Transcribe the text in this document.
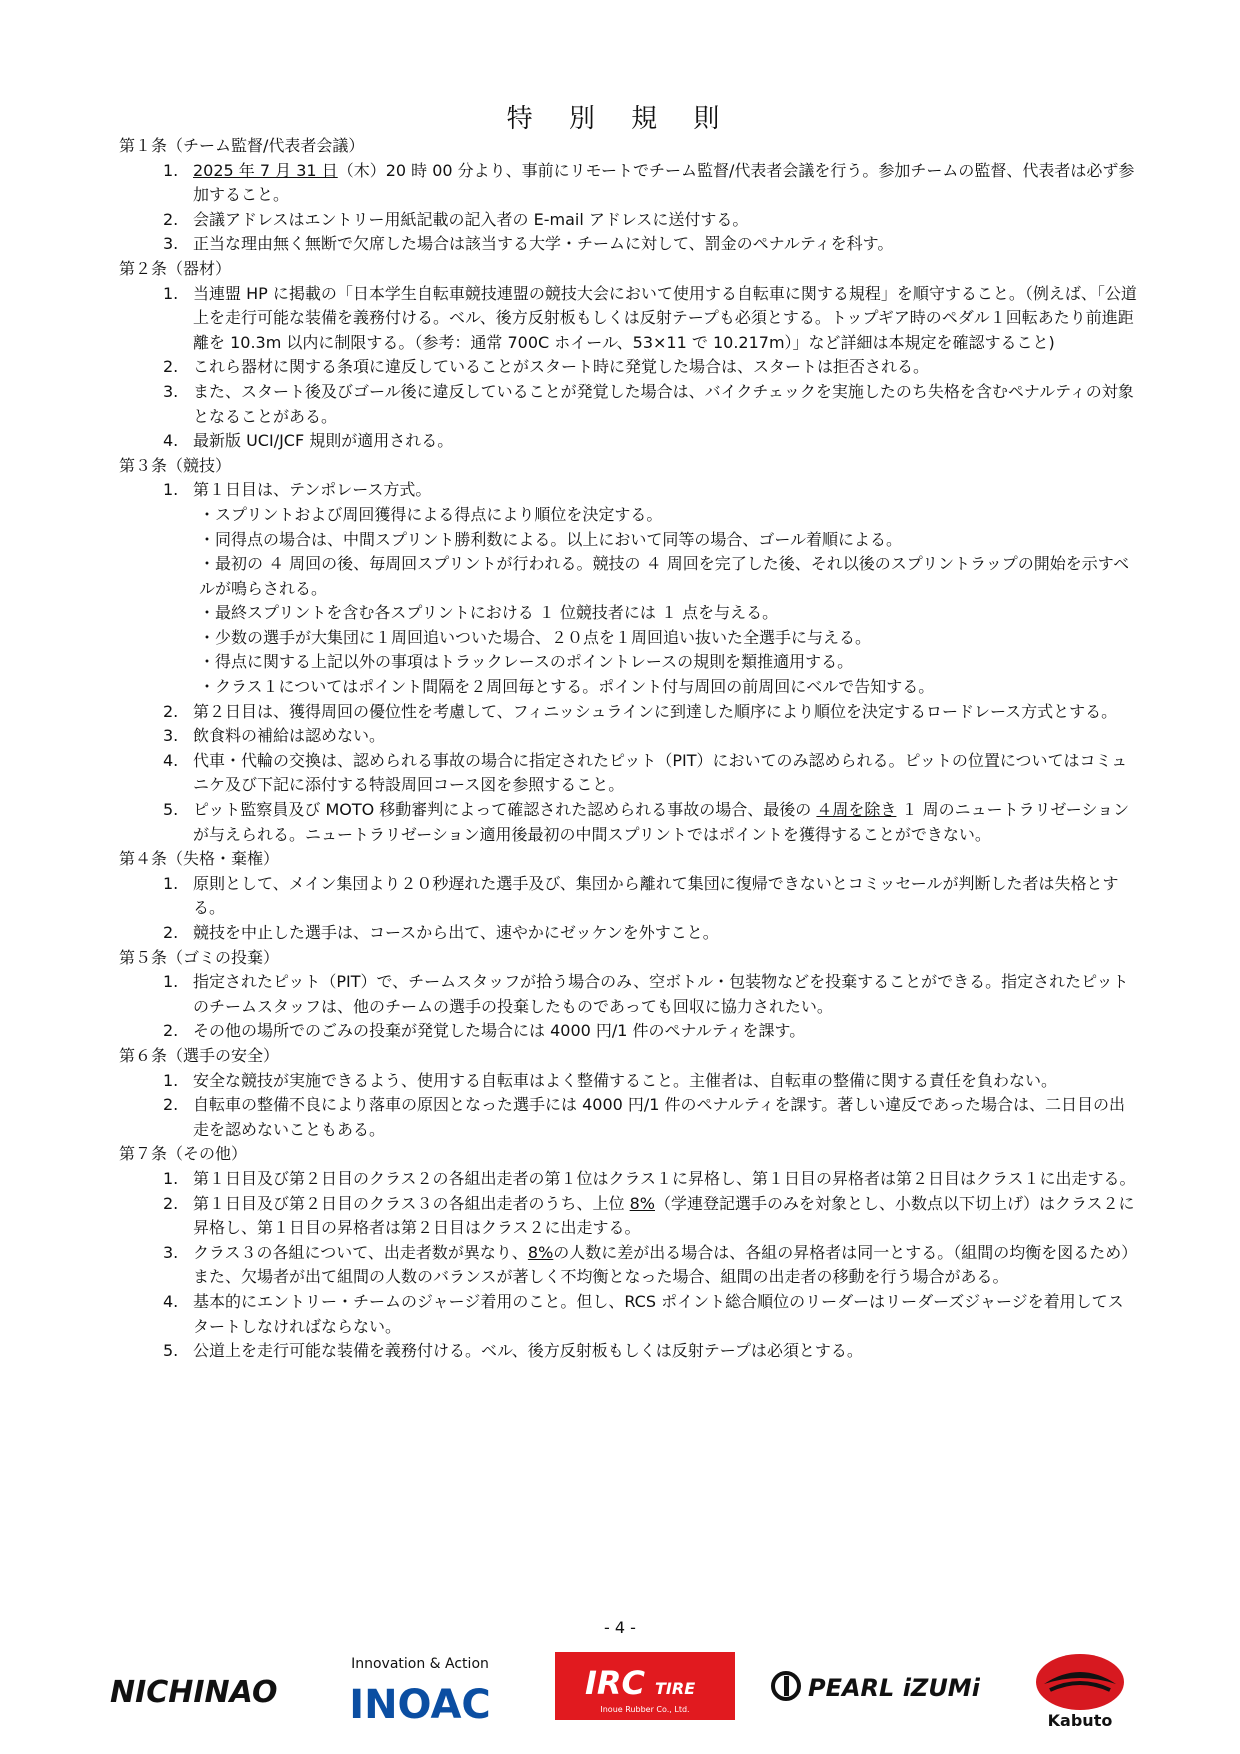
特 別 規 則
第１条（チーム監督/代表者会議）
1. 2025 年 7 月 31 日（木）20 時 00 分より、事前にリモートでチーム監督/代表者会議を行う。参加チームの監督、代表者は必ず参加すること。
2. 会議アドレスはエントリー用紙記載の記入者の E-mail アドレスに送付する。
3. 正当な理由無く無断で欠席した場合は該当する大学・チームに対して、罰金のペナルティを科す。
第２条（器材）
1. 当連盟 HP に掲載の「日本学生自転車競技連盟の競技大会において使用する自転車に関する規程」を順守すること。（例えば、「公道上を走行可能な装備を義務付ける。ベル、後方反射板もしくは反射テープも必須とする。トップギア時のペダル１回転あたり前進距離を 10.3m 以内に制限する。（参考：通常 700C ホイール、53×11 で 10.217m）」など詳細は本規定を確認すること)
2. これら器材に関する条項に違反していることがスタート時に発覚した場合は、スタートは拒否される。
3. また、スタート後及びゴール後に違反していることが発覚した場合は、バイクチェックを実施したのち失格を含むペナルティの対象となることがある。
4. 最新版 UCI/JCF 規則が適用される。
第３条（競技）
1. 第１日目は、テンポレース方式。
・スプリントおよび周回獲得による得点により順位を決定する。
・同得点の場合は、中間スプリント勝利数による。以上において同等の場合、ゴール着順による。
・最初の ４ 周回の後、毎周回スプリントが行われる。競技の ４ 周回を完了した後、それ以後のスプリントラップの開始を示すベルが鳴らされる。
・最終スプリントを含む各スプリントにおける １ 位競技者には １ 点を与える。
・少数の選手が大集団に１周回追いついた場合、２０点を１周回追い抜いた全選手に与える。
・得点に関する上記以外の事項はトラックレースのポイントレースの規則を類推適用する。
・クラス１についてはポイント間隔を２周回毎とする。ポイント付与周回の前周回にベルで告知する。
2. 第２日目は、獲得周回の優位性を考慮して、フィニッシュラインに到達した順序により順位を決定するロードレース方式とする。
3. 飲食料の補給は認めない。
4. 代車・代輪の交換は、認められる事故の場合に指定されたピット（PIT）においてのみ認められる。ピットの位置についてはコミュニケ及び下記に添付する特設周回コース図を参照すること。
5. ピット監察員及び MOTO 移動審判によって確認された認められる事故の場合、最後の ４周を除き １ 周のニュートラリゼーションが与えられる。ニュートラリゼーション適用後最初の中間スプリントではポイントを獲得することができない。
第４条（失格・棄権）
1. 原則として、メイン集団より２０秒遅れた選手及び、集団から離れて集団に復帰できないとコミッセールが判断した者は失格とする。
2. 競技を中止した選手は、コースから出て、速やかにゼッケンを外すこと。
第５条（ゴミの投棄）
1. 指定されたピット（PIT）で、チームスタッフが拾う場合のみ、空ボトル・包装物などを投棄することができる。指定されたピットのチームスタッフは、他のチームの選手の投棄したものであっても回収に協力されたい。
2. その他の場所でのごみの投棄が発覚した場合には 4000 円/1 件のペナルティを課す。
第６条（選手の安全）
1. 安全な競技が実施できるよう、使用する自転車はよく整備すること。主催者は、自転車の整備に関する責任を負わない。
2. 自転車の整備不良により落車の原因となった選手には 4000 円/1 件のペナルティを課す。著しい違反であった場合は、二日目の出走を認めないこともある。
第７条（その他）
1. 第１日目及び第２日目のクラス２の各組出走者の第１位はクラス１に昇格し、第１日目の昇格者は第２日目はクラス１に出走する。
2. 第１日目及び第２日目のクラス３の各組出走者のうち、上位 8%（学連登記選手のみを対象とし、小数点以下切上げ）はクラス２に昇格し、第１日目の昇格者は第２日目はクラス２に出走する。
3. クラス３の各組について、出走者数が異なり、8%の人数に差が出る場合は、各組の昇格者は同一とする。（組間の均衡を図るため）また、欠場者が出て組間の人数のバランスが著しく不均衡となった場合、組間の出走者の移動を行う場合がある。
4. 基本的にエントリー・チームのジャージ着用のこと。但し、RCS ポイント総合順位のリーダーはリーダーズジャージを着用してスタートしなければならない。
5. 公道上を走行可能な装備を義務付ける。ベル、後方反射板もしくは反射テープは必須とする。
- 4 -
NICHINAO
Innovation & Action
INOAC	IRC TIRE
Inoue Rubber Co., Ltd.
PEARL iZUMi
Kabuto
